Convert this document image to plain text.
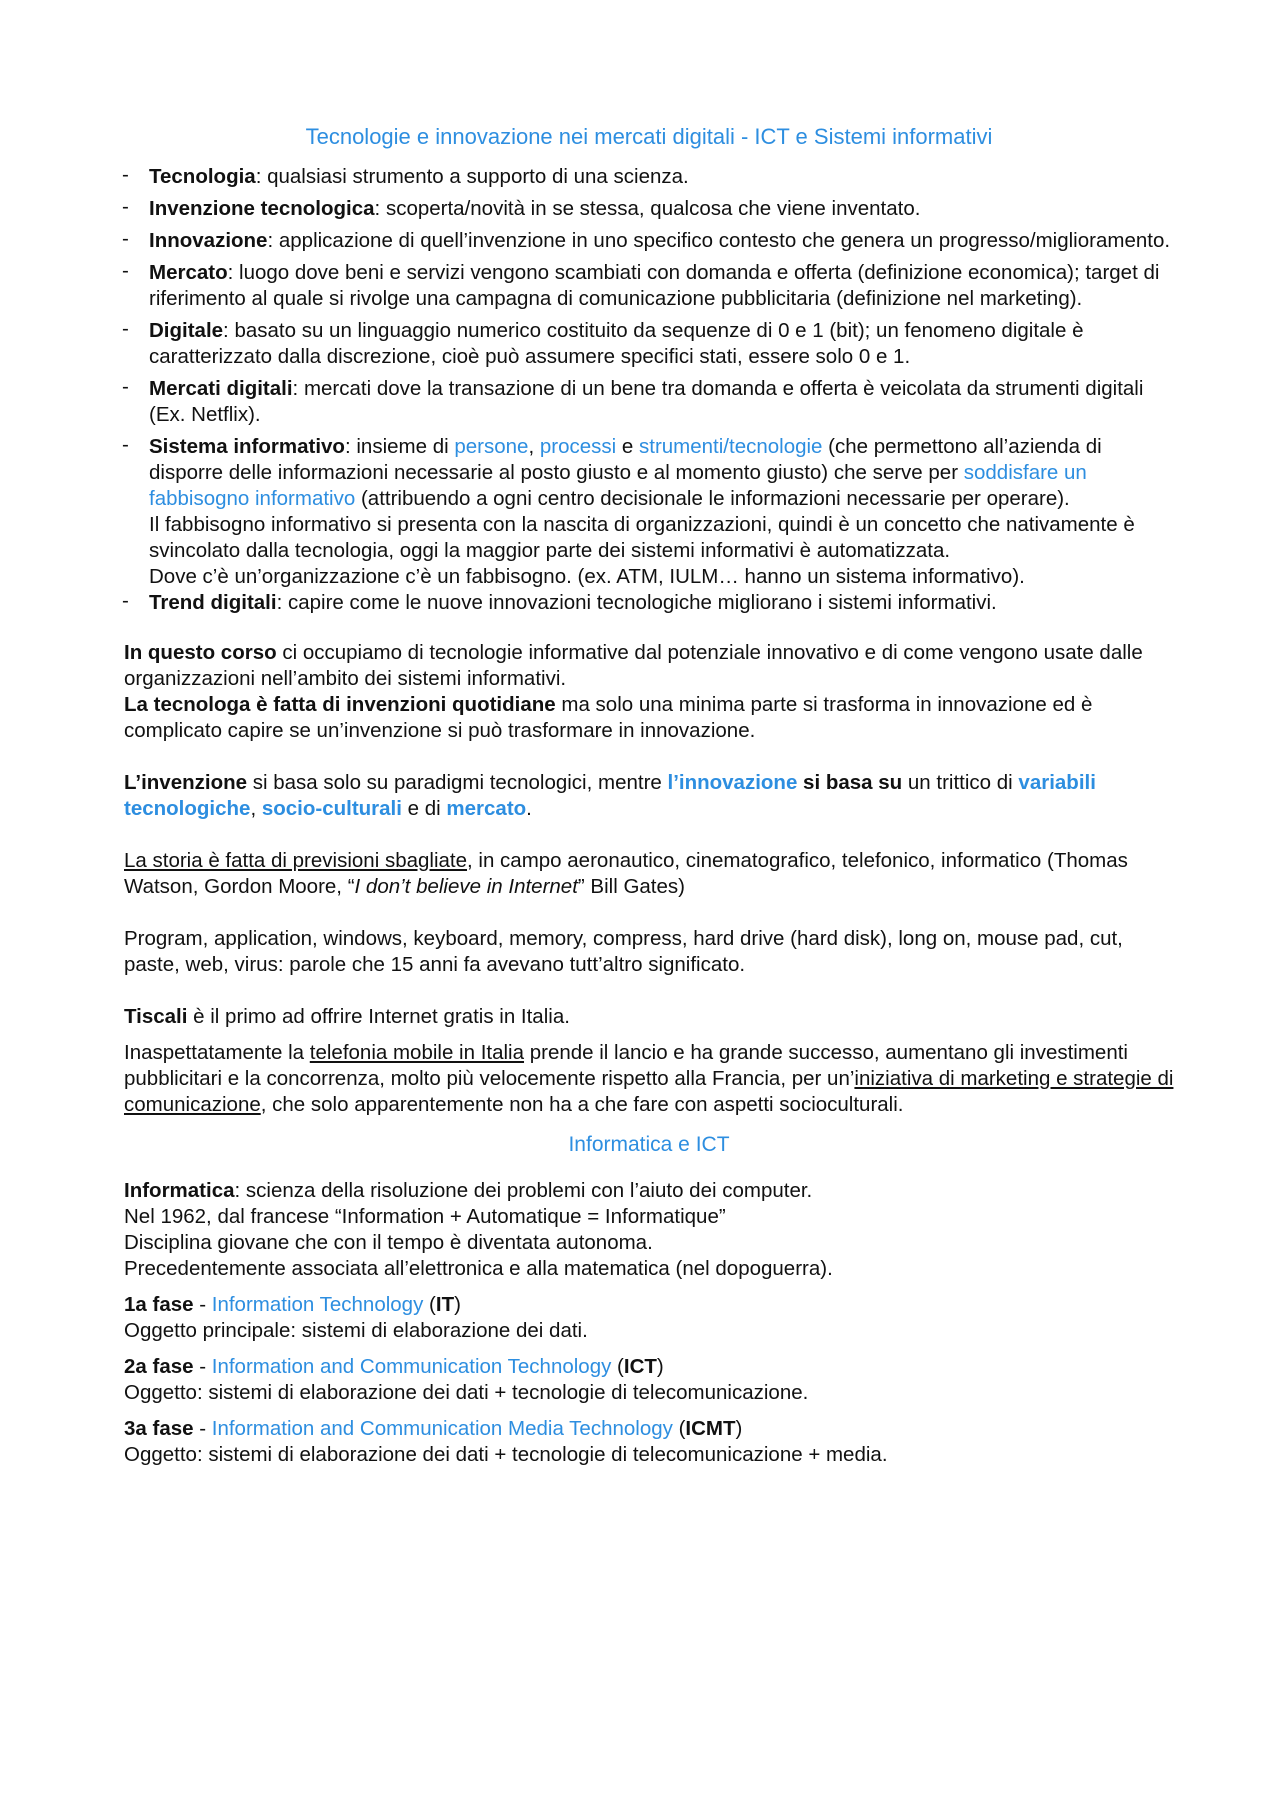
Tecnologie e innovazione nei mercati digitali - ICT e Sistemi informativi
- Tecnologia: qualsiasi strumento a supporto di una scienza.
- Invenzione tecnologica: scoperta/novità in se stessa, qualcosa che viene inventato.
- Innovazione: applicazione di quell’invenzione in uno specifico contesto che genera un progresso/miglioramento.
- Mercato: luogo dove beni e servizi vengono scambiati con domanda e offerta (definizione economica); target di riferimento al quale si rivolge una campagna di comunicazione pubblicitaria (definizione nel marketing).
- Digitale: basato su un linguaggio numerico costituito da sequenze di 0 e 1 (bit); un fenomeno digitale è caratterizzato dalla discrezione, cioè può assumere specifici stati, essere solo 0 e 1.
- Mercati digitali: mercati dove la transazione di un bene tra domanda e offerta è veicolata da strumenti digitali (Ex. Netflix).
- Sistema informativo: insieme di persone, processi e strumenti/tecnologie (che permettono all’azienda di disporre delle informazioni necessarie al posto giusto e al momento giusto) che serve per soddisfare un fabbisogno informativo (attribuendo a ogni centro decisionale le informazioni necessarie per operare).
Il fabbisogno informativo si presenta con la nascita di organizzazioni, quindi è un concetto che nativamente è svincolato dalla tecnologia, oggi la maggior parte dei sistemi informativi è automatizzata.
Dove c’è un’organizzazione c’è un fabbisogno. (ex. ATM, IULM… hanno un sistema informativo).
- Trend digitali: capire come le nuove innovazioni tecnologiche migliorano i sistemi informativi.

In questo corso ci occupiamo di tecnologie informative dal potenziale innovativo e di come vengono usate dalle organizzazioni nell’ambito dei sistemi informativi.

La tecnologa è fatta di invenzioni quotidiane ma solo una minima parte si trasforma in innovazione ed è complicato capire se un’invenzione si può trasformare in innovazione.

L’invenzione si basa solo su paradigmi tecnologici, mentre l’innovazione si basa su un trittico di variabili tecnologiche, socio-culturali e di mercato.

La storia è fatta di previsioni sbagliate, in campo aeronautico, cinematografico, telefonico, informatico (Thomas Watson, Gordon Moore, “I don’t believe in Internet” Bill Gates)

Program, application, windows, keyboard, memory, compress, hard drive (hard disk), long on, mouse pad, cut, paste, web, virus: parole che 15 anni fa avevano tutt’altro significato.

Tiscali è il primo ad offrire Internet gratis in Italia.

Inaspettatamente la telefonia mobile in Italia prende il lancio e ha grande successo, aumentano gli investimenti pubblicitari e la concorrenza, molto più velocemente rispetto alla Francia, per un’iniziativa di marketing e strategie di comunicazione, che solo apparentemente non ha a che fare con aspetti socioculturali.

Informatica e ICT
Informatica: scienza della risoluzione dei problemi con l’aiuto dei computer.
Nel 1962, dal francese “Information + Automatique = Informatique”
Disciplina giovane che con il tempo è diventata autonoma.
Precedentemente associata all’elettronica e alla matematica (nel dopoguerra).
1a fase - Information Technology (IT)
Oggetto principale: sistemi di elaborazione dei dati.
2a fase - Information and Communication Technology (ICT)
Oggetto: sistemi di elaborazione dei dati + tecnologie di telecomunicazione.
3a fase - Information and Communication Media Technology (ICMT)
Oggetto: sistemi di elaborazione dei dati + tecnologie di telecomunicazione + media.
